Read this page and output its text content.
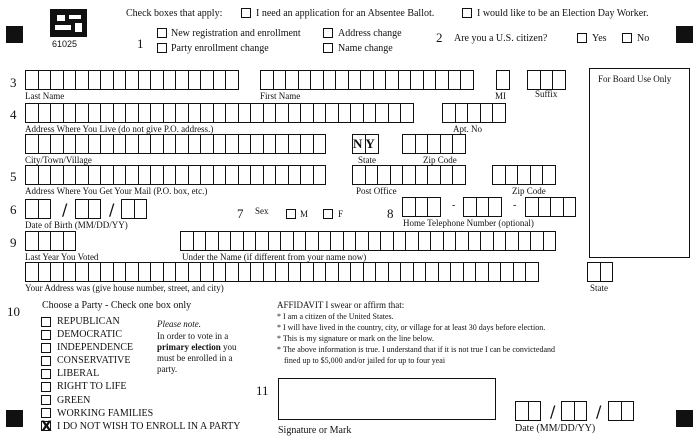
61025
Check boxes that apply:	I need an application for an Absentee Ballot.	I would like to be an Election Day Worker.
1
New registration and enrollment	Address change
Party enrollment change	Name change
2 Are you a U.S. citizen?	Yes	No
For Board Use Only
3
Last Name	First Name	MI	Suffix
4
Address Where You Live (do not give P.O. address.)	Apt. No
City/Town/Village
NY
State	Zip Code
5
Address Where You Get Your Mail (P.O. box, etc.)	Post Office	Zip Code
6	/	/
Date of Birth (MM/DD/YY)
7 Sex	M	F	8
-	-
Home Telephone Number (optional)
9
Last Year You Voted	Under the Name (if different from your name now)
Your Address was (give house number, street, and city)	State
10 Choose a Party - Check one box only
REPUBLICAN
DEMOCRATIC
INDEPENDENCE
CONSERVATIVE
LIBERAL
RIGHT TO LIFE
GREEN
WORKING FAMILIES
I DO NOT WISH TO ENROLL IN A PARTY
X
Please note.
In order to vote in a
primary election you
must be enrolled in a
party.
AFFIDAVIT I swear or affirm that:
* I am a citizen of the United States.
* I will have lived in the country, city, or village for at least 30 days before election.
* This is my signature or mark on the line below.
* The above information is true. I understand that if it is not true I can be convictedand
fined up to $5,000 and/or jailed for up to four yeai
11
Signature or Mark
/	/
Date (MM/DD/YY)
